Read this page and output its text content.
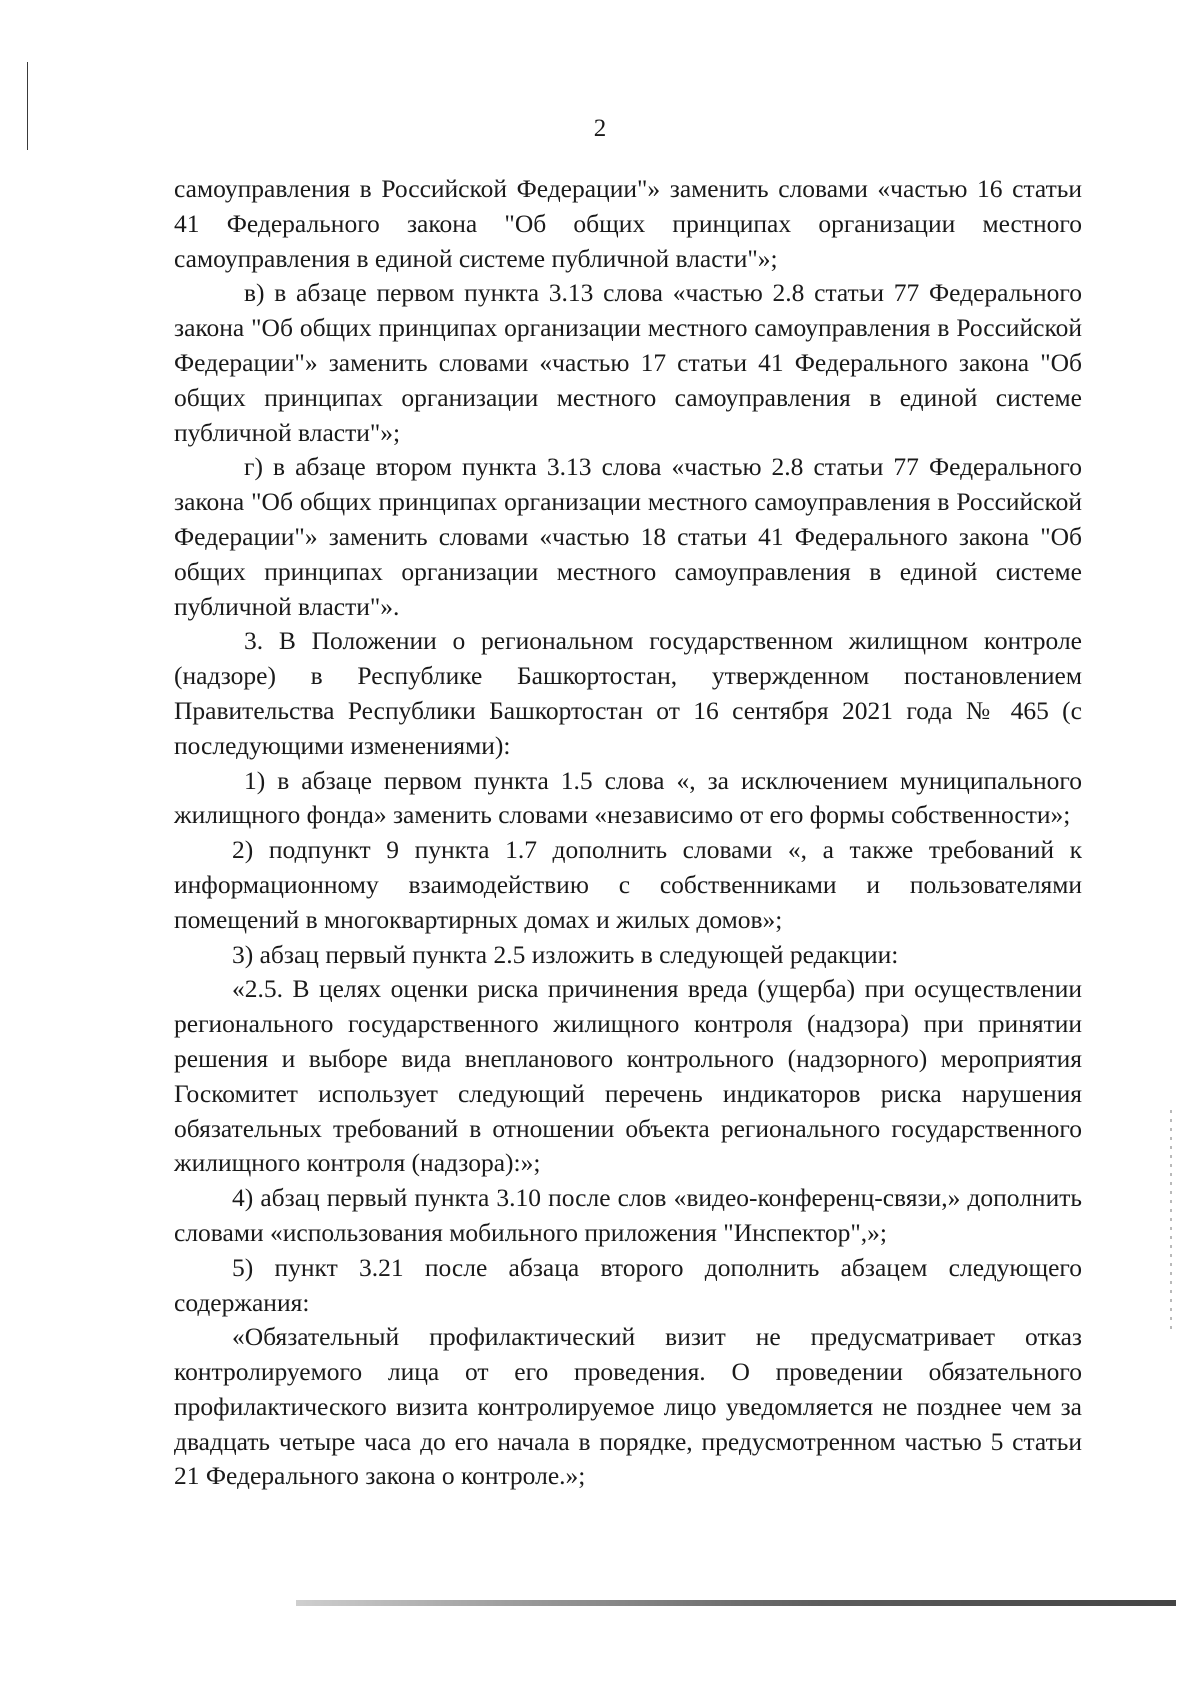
2

самоуправления в Российской Федерации"» заменить словами «частью 16 статьи 41 Федерального закона "Об общих принципах организации местного самоуправления в единой системе публичной власти"»;

в) в абзаце первом пункта 3.13 слова «частью 2.8 статьи 77 Федерального закона "Об общих принципах организации местного самоуправления в Российской Федерации"» заменить словами «частью 17 статьи 41 Федерального закона "Об общих принципах организации местного самоуправления в единой системе публичной власти"»;

г) в абзаце втором пункта 3.13 слова «частью 2.8 статьи 77 Федерального закона "Об общих принципах организации местного самоуправления в Российской Федерации"» заменить словами «частью 18 статьи 41 Федерального закона "Об общих принципах организации местного самоуправления в единой системе публичной власти"».

3. В Положении о региональном государственном жилищном контроле (надзоре) в Республике Башкортостан, утвержденном постановлением Правительства Республики Башкортостан от 16 сентября 2021 года № 465 (с последующими изменениями):

1) в абзаце первом пункта 1.5 слова «, за исключением муниципального жилищного фонда» заменить словами «независимо от его формы собственности»;

2) подпункт 9 пункта 1.7 дополнить словами «, а также требований к информационному взаимодействию с собственниками и пользователями помещений в многоквартирных домах и жилых домов»;

3) абзац первый пункта 2.5 изложить в следующей редакции:

«2.5. В целях оценки риска причинения вреда (ущерба) при осуществлении регионального государственного жилищного контроля (надзора) при принятии решения и выборе вида внепланового контрольного (надзорного) мероприятия Госкомитет использует следующий перечень индикаторов риска нарушения обязательных требований в отношении объекта регионального государственного жилищного контроля (надзора):»;

4) абзац первый пункта 3.10 после слов «видео-конференц-связи,» дополнить словами «использования мобильного приложения "Инспектор",»;

5) пункт 3.21 после абзаца второго дополнить абзацем следующего содержания:

«Обязательный профилактический визит не предусматривает отказ контролируемого лица от его проведения. О проведении обязательного профилактического визита контролируемое лицо уведомляется не позднее чем за двадцать четыре часа до его начала в порядке, предусмотренном частью 5 статьи 21 Федерального закона о контроле.»;
